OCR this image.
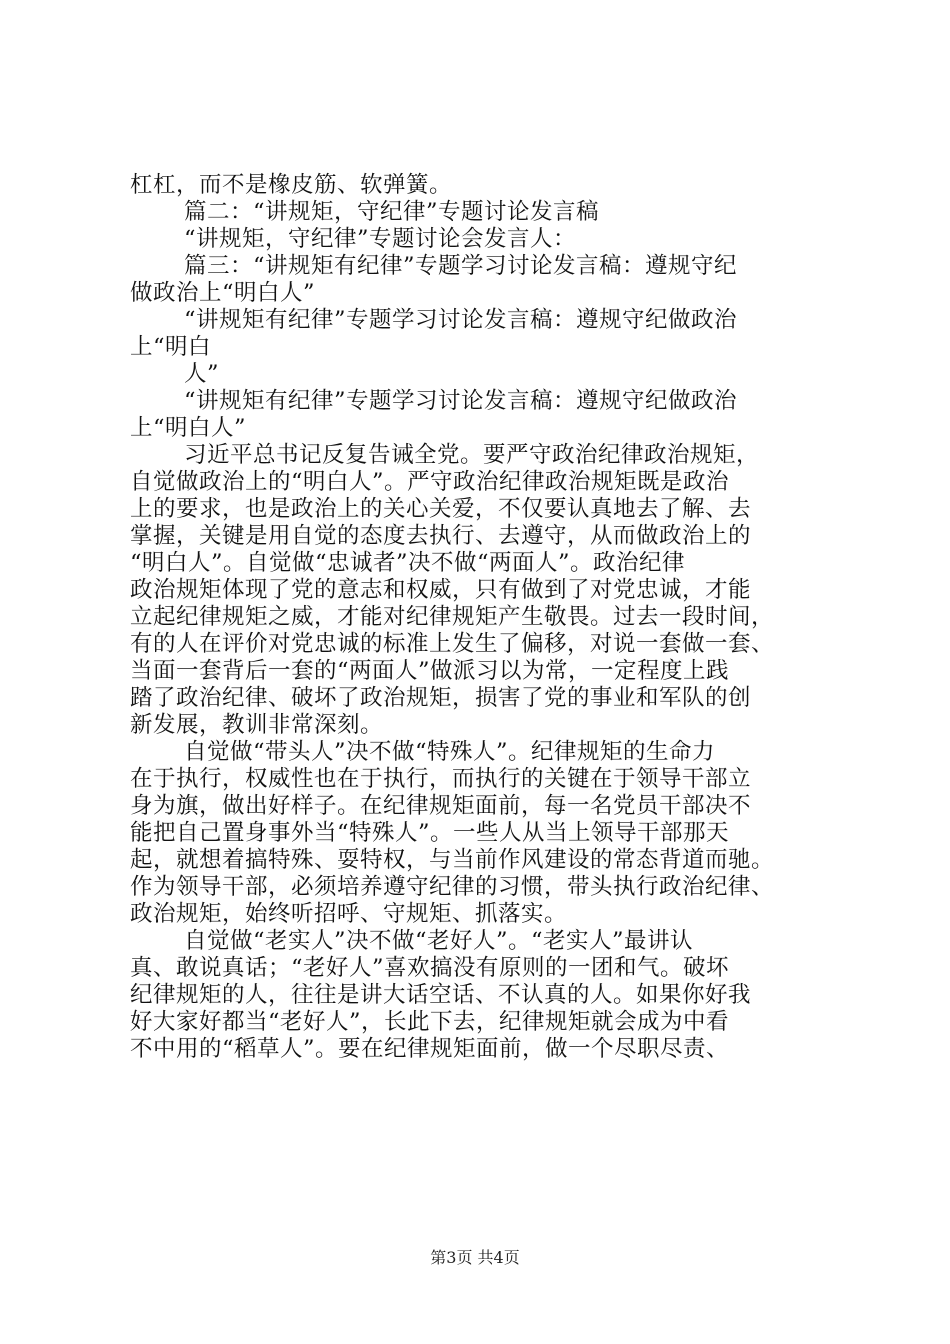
杠杠，而不是橡皮筋、软弹簧。
篇二：“讲规矩，守纪律”专题讨论发言稿
“讲规矩，守纪律”专题讨论会发言人：
篇三：“讲规矩有纪律”专题学习讨论发言稿：遵规守纪
做政治上“明白人”
“讲规矩有纪律”专题学习讨论发言稿：遵规守纪做政治
上“明白
人”
“讲规矩有纪律”专题学习讨论发言稿：遵规守纪做政治
上“明白人”
习近平总书记反复告诫全党。要严守政治纪律政治规矩，
自觉做政治上的“明白人”。严守政治纪律政治规矩既是政治
上的要求，也是政治上的关心关爱，不仅要认真地去了解、去
掌握，关键是用自觉的态度去执行、去遵守，从而做政治上的
“明白人”。自觉做“忠诚者”决不做“两面人”。政治纪律
政治规矩体现了党的意志和权威，只有做到了对党忠诚，才能
立起纪律规矩之威，才能对纪律规矩产生敬畏。过去一段时间，
有的人在评价对党忠诚的标准上发生了偏移，对说一套做一套、
当面一套背后一套的“两面人”做派习以为常，一定程度上践
踏了政治纪律、破坏了政治规矩，损害了党的事业和军队的创
新发展，教训非常深刻。
自觉做“带头人”决不做“特殊人”。纪律规矩的生命力
在于执行，权威性也在于执行，而执行的关键在于领导干部立
身为旗，做出好样子。在纪律规矩面前，每一名党员干部决不
能把自己置身事外当“特殊人”。一些人从当上领导干部那天
起，就想着搞特殊、耍特权，与当前作风建设的常态背道而驰。
作为领导干部，必须培养遵守纪律的习惯，带头执行政治纪律、
政治规矩，始终听招呼、守规矩、抓落实。
自觉做“老实人”决不做“老好人”。“老实人”最讲认
真、敢说真话；“老好人”喜欢搞没有原则的一团和气。破坏
纪律规矩的人，往往是讲大话空话、不认真的人。如果你好我
好大家好都当“老好人”，长此下去，纪律规矩就会成为中看
不中用的“稻草人”。要在纪律规矩面前，做一个尽职尽责、
第3页 共4页
